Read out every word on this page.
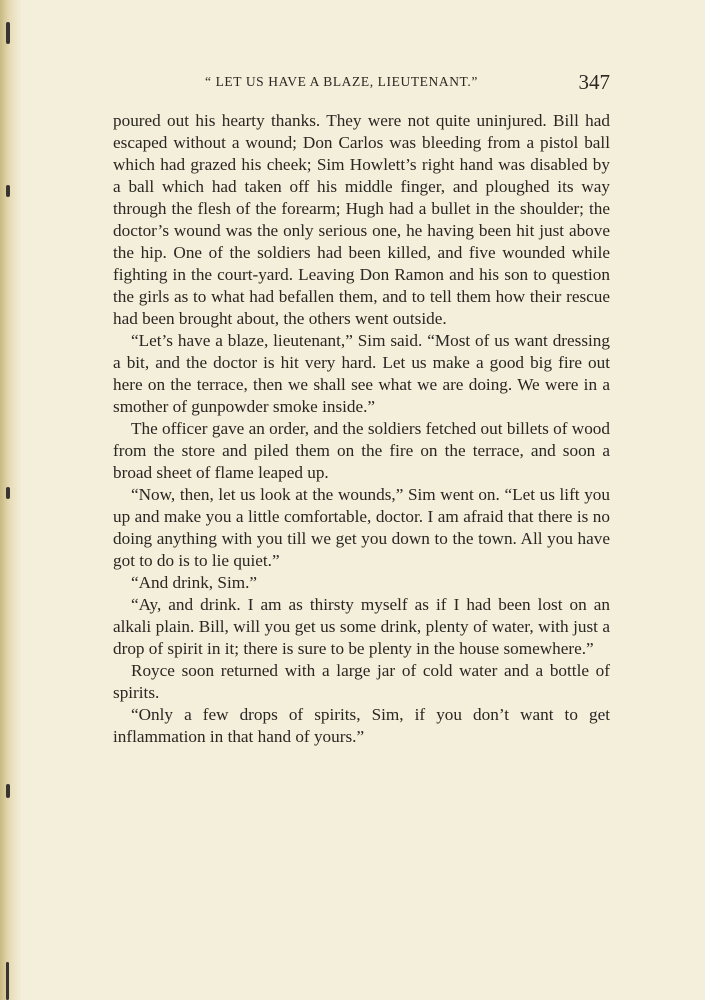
“ LET US HAVE A BLAZE, LIEUTENANT.”	347

poured out his hearty thanks. They were not quite uninjured. Bill had escaped without a wound; Don Carlos was bleeding from a pistol ball which had grazed his cheek; Sim Howlett’s right hand was disabled by a ball which had taken off his middle finger, and ploughed its way through the flesh of the forearm; Hugh had a bullet in the shoulder; the doctor’s wound was the only serious one, he having been hit just above the hip. One of the soldiers had been killed, and five wounded while fighting in the court-yard. Leaving Don Ramon and his son to question the girls as to what had befallen them, and to tell them how their rescue had been brought about, the others went outside.

“Let’s have a blaze, lieutenant,” Sim said. “Most of us want dressing a bit, and the doctor is hit very hard. Let us make a good big fire out here on the terrace, then we shall see what we are doing. We were in a smother of gunpowder smoke inside.”

The officer gave an order, and the soldiers fetched out billets of wood from the store and piled them on the fire on the terrace, and soon a broad sheet of flame leaped up.

“Now, then, let us look at the wounds,” Sim went on. “Let us lift you up and make you a little comfortable, doctor. I am afraid that there is no doing anything with you till we get you down to the town. All you have got to do is to lie quiet.”

“And drink, Sim.”

“Ay, and drink. I am as thirsty myself as if I had been lost on an alkali plain. Bill, will you get us some drink, plenty of water, with just a drop of spirit in it; there is sure to be plenty in the house somewhere.”

Royce soon returned with a large jar of cold water and a bottle of spirits.

“Only a few drops of spirits, Sim, if you don’t want to get inflammation in that hand of yours.”
